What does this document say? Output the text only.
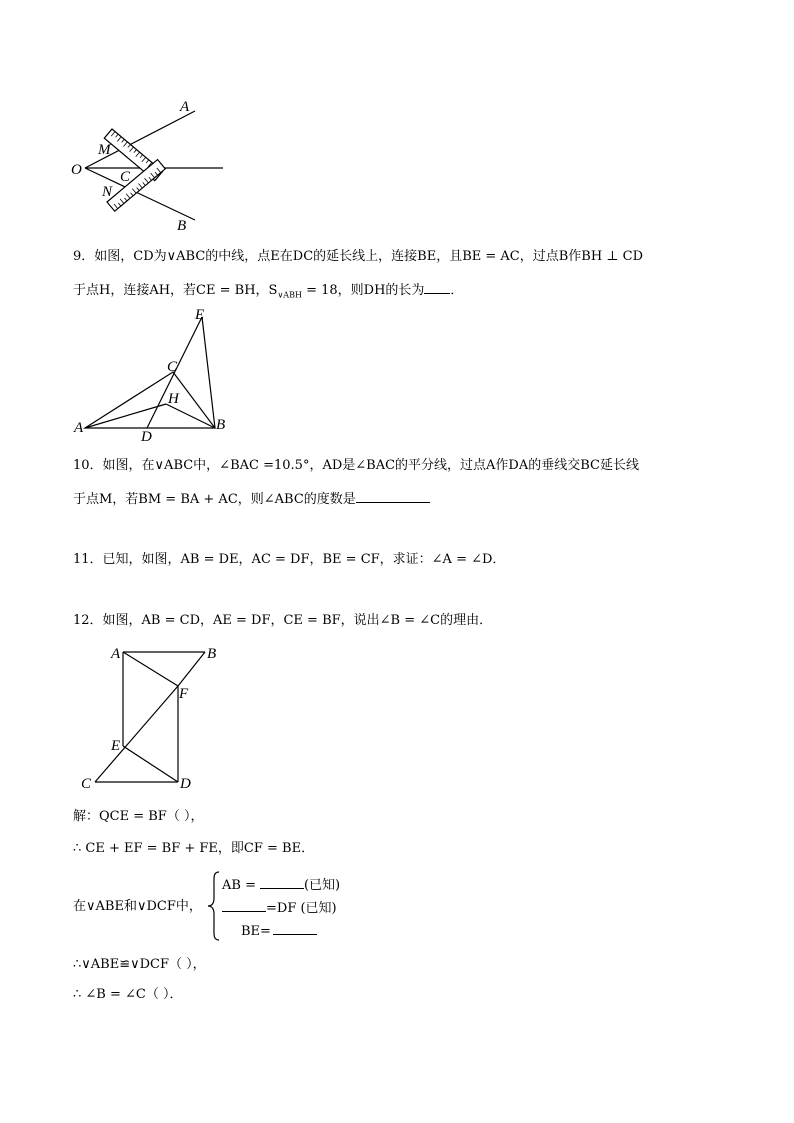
A
M
O	C
N
B
9．如图，CD为∨ABC的中线，点E在DC的延长线上，连接BE，且BE = AC，过点B作BH ⊥ CD
于点H，连接AH，若CE = BH，$S_{\vee ABH} = 18$，则DH的长为 ．
E
C
H
A
D
B
10．如图，在∨ABC中，∠BAC =10.5°，AD是∠BAC的平分线，过点A作DA的垂线交BC延长线
于点M，若BM = BA + AC，则∠ABC的度数是
11．已知，如图，AB = DE，AC = DF，BE = CF，求证：∠A = ∠D．
12．如图，AB = CD，AE = DF，CE = BF，说出∠B = ∠C的理由．
A	B
F
E
C	D
解：QCE = BF（ ），
∴ CE + EF = BF + FE，即CF = BE．
在∨ABE和∨DCF中，
AB =	(已知)
=DF (已知)
BE=
∴∨ABE≌∨DCF（ ），
∴ ∠B = ∠C（ ）．
